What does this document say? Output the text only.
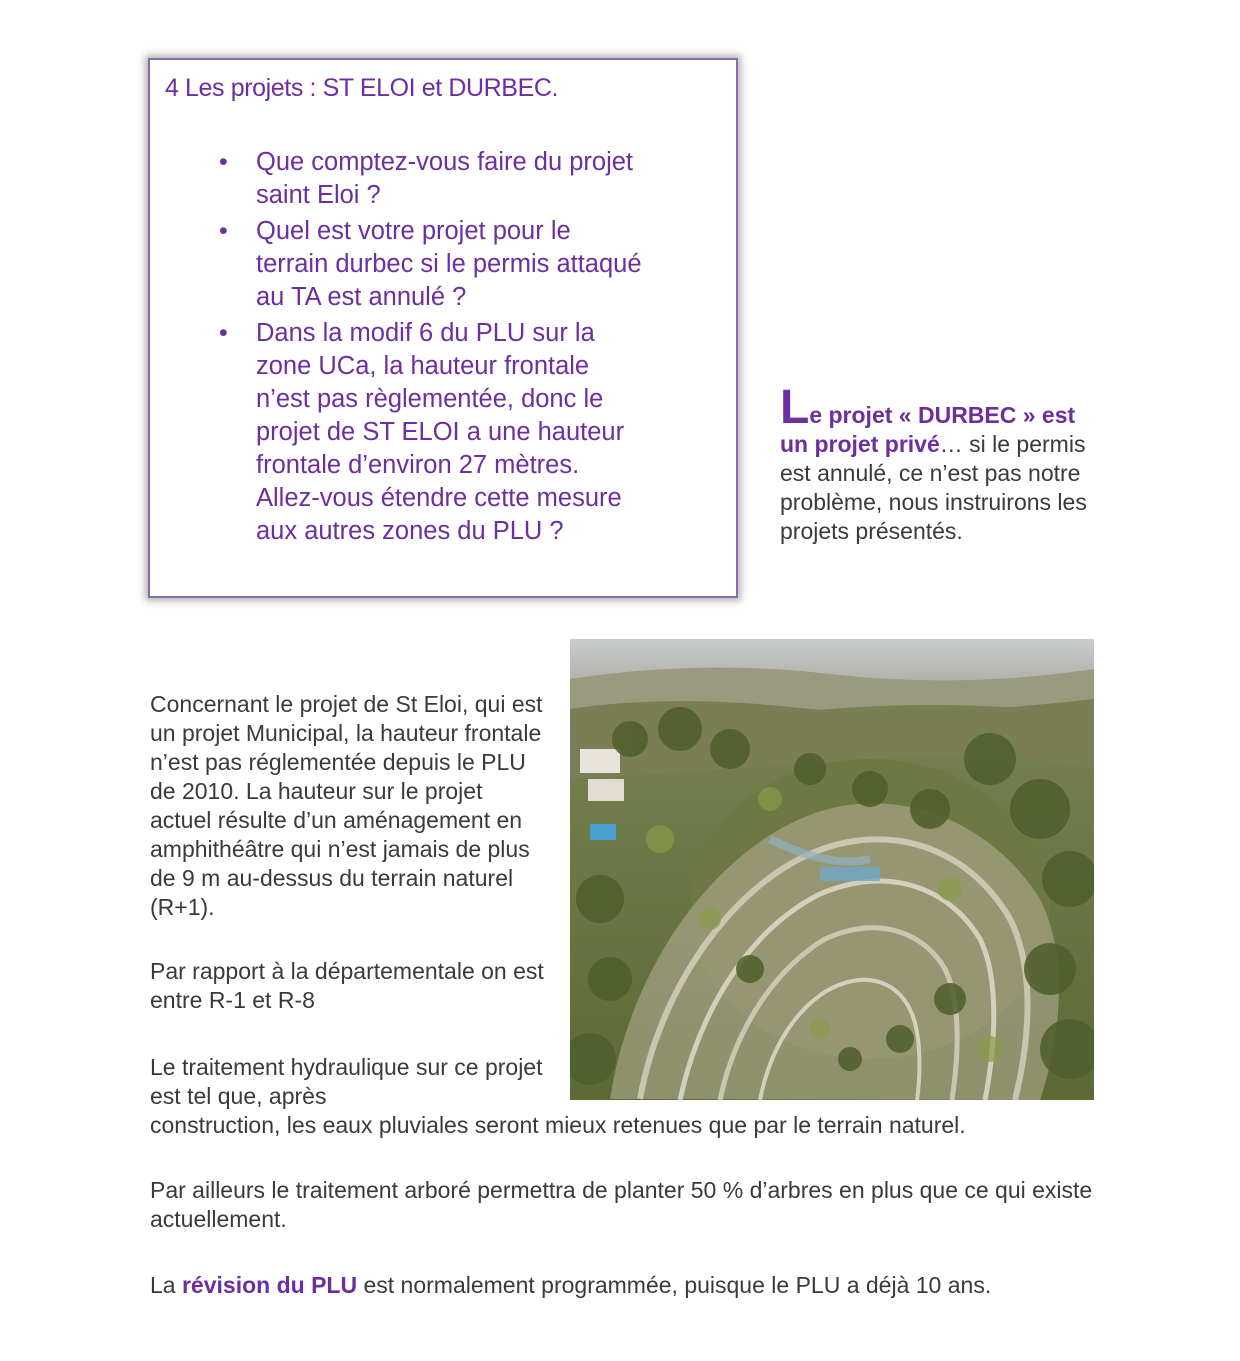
4 Les projets : ST ELOI et DURBEC.
• Que comptez-vous faire du projet saint Eloi ?
• Quel est votre projet pour le terrain durbec si le permis attaqué au TA est annulé ?
• Dans la modif 6 du PLU sur la zone UCa, la hauteur frontale n’est pas règlementée, donc le projet de ST ELOI a une hauteur frontale d’environ 27 mètres. Allez-vous étendre cette mesure aux autres zones du PLU ?
Le projet « DURBEC » est un projet privé… si le permis est annulé, ce n’est pas notre problème, nous instruirons les projets présentés.

Concernant le projet de St Eloi, qui est un projet Municipal, la hauteur frontale n’est pas réglementée depuis le PLU de 2010. La hauteur sur le projet actuel résulte d’un aménagement en amphithéâtre qui n’est jamais de plus de 9 m au-dessus du terrain naturel (R+1).

Par rapport à la départementale on est entre R-1 et R-8

Le traitement hydraulique sur ce projet est tel que, après

construction, les eaux pluviales seront mieux retenues que par le terrain naturel.

Par ailleurs le traitement arboré permettra de planter 50 % d’arbres en plus que ce qui existe actuellement.

La révision du PLU est normalement programmée, puisque le PLU a déjà 10 ans.
